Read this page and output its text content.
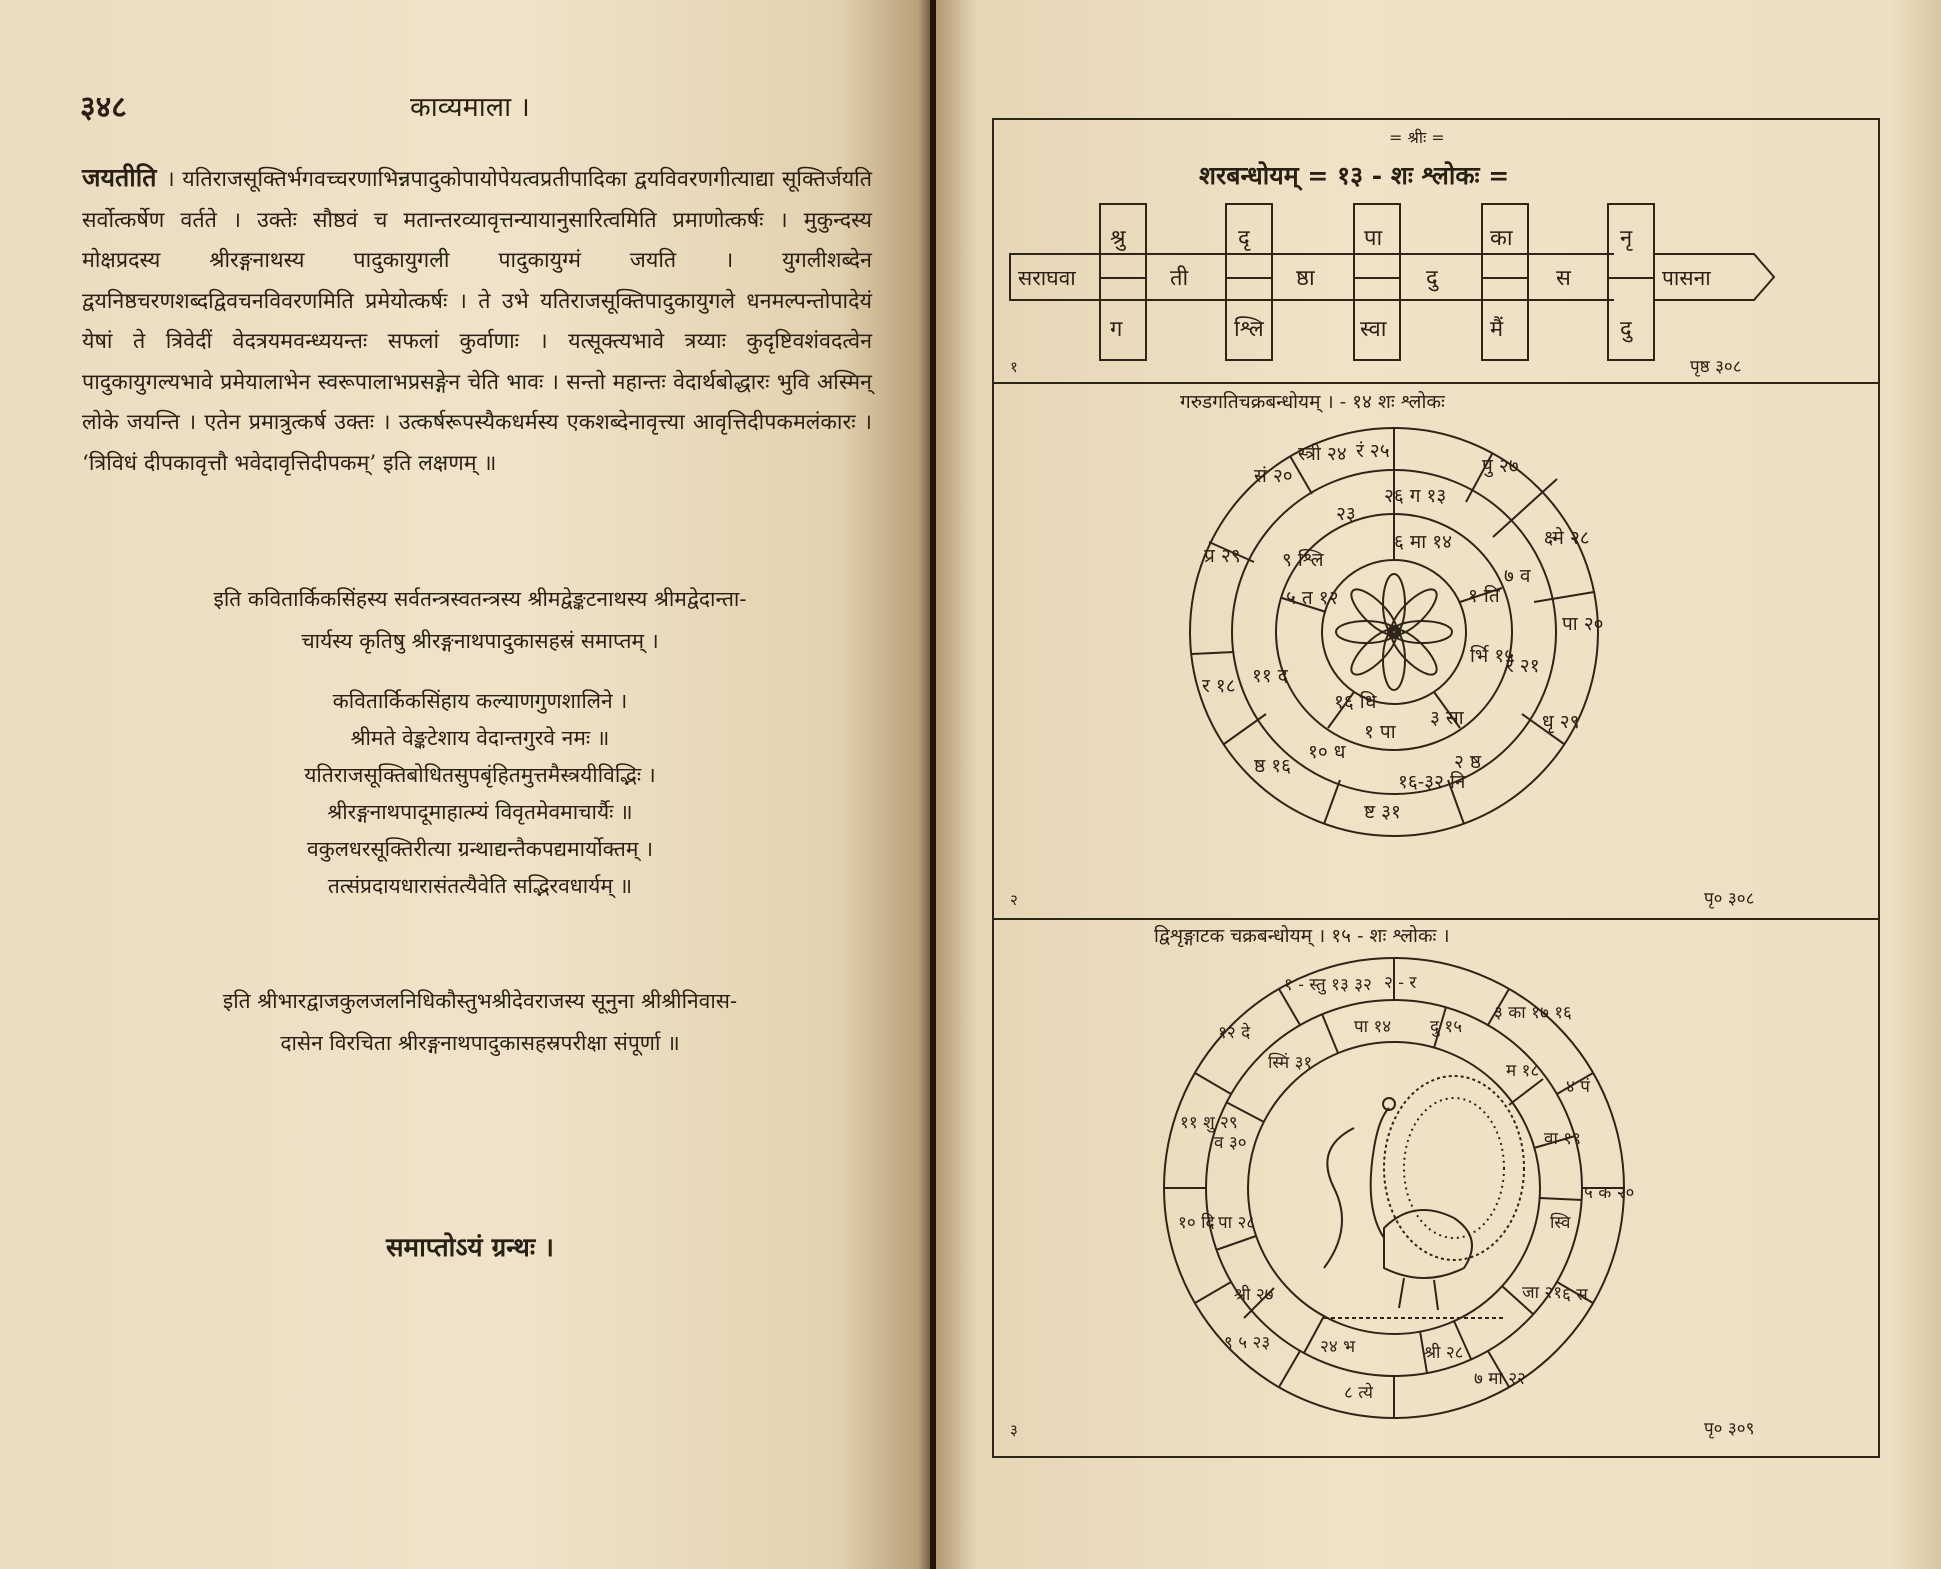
३४८	काव्यमाला ।
जयतीति । यतिराजसूक्तिर्भगवच्चरणाभिन्नपादुकोपायोपेयत्वप्रतीपादिका द्वयविवरणगीत्याद्या सूक्तिर्जयति सर्वोत्कर्षेण वर्तते । उक्तेः सौष्ठवं च मतान्तरव्यावृत्तन्यायानुसारित्वमिति प्रमाणोत्कर्षः । मुकुन्दस्य मोक्षप्रदस्य श्रीरङ्गनाथस्य पादुकायुगली पादुकायुग्मं जयति । युगलीशब्देन द्वयनिष्ठचरणशब्दद्विवचनविवरणमिति प्रमेयोत्कर्षः । ते उभे यतिराजसूक्तिपादुकायुगले धनमल्पन्तोपादेयं येषां ते त्रिवेदीं वेदत्रयमवन्ध्ययन्तः सफलां कुर्वाणाः । यत्सूक्त्यभावे त्रय्याः कुदृष्टिवशंवदत्वेन पादुकायुगल्यभावे प्रमेयालाभेन स्वरूपालाभप्रसङ्गेन चेति भावः । सन्तो महान्तः वेदार्थबोद्धारः भुवि अस्मिन् लोके जयन्ति । एतेन प्रमात्रुत्कर्ष उक्तः । उत्कर्षरूपस्यैकधर्मस्य एकशब्देनावृत्त्या आवृत्तिदीपकमलंकारः । ‘त्रिविधं दीपकावृत्तौ भवेदावृत्तिदीपकम्’ इति लक्षणम् ॥
इति कवितार्किकसिंहस्य सर्वतन्त्रस्वतन्त्रस्य श्रीमद्वेङ्कटनाथस्य श्रीमद्वेदान्ता-
चार्यस्य कृतिषु श्रीरङ्गनाथपादुकासहस्रं समाप्तम् ।
कवितार्किकसिंहाय कल्याणगुणशालिने ।
श्रीमते वेङ्कटेशाय वेदान्तगुरवे नमः ॥
यतिराजसूक्तिबोधितसुपबृंहितमुत्तमैस्त्रयीविद्भिः ।
श्रीरङ्गनाथपादूमाहात्म्यं विवृतमेवमाचार्यैः ॥
वकुलधरसूक्तिरीत्या ग्रन्थाद्यन्तैकपद्यमार्योक्तम् ।
तत्संप्रदायधारासंतत्यैवेति सद्भिरवधार्यम् ॥
इति श्रीभारद्वाजकुलजलनिधिकौस्तुभश्रीदेवराजस्य सूनुना श्रीश्रीनिवास-
दासेन विरचिता श्रीरङ्गनाथपादुकासहस्रपरीक्षा संपूर्णा ॥
समाप्तोऽयं ग्रन्थः ।
= श्रीः =
शरबन्धोयम् = १३ - शः श्लोकः =
सराघवा	पासना
ती	ष्ठा	दु	स
श्रु
ग
दृ
श्लि
पा
स्वा
का
मैं
नृ
दु
१	पृष्ठ ३०८
गरुडगतिचक्रबन्धोयम् । - १४ शः श्लोकः
रं २५
पु २७
क्ष्मे २८
पा २०
धृ २९
ष्ट ३१
ष्ठ १६
र १८
प्र २९
सं २०
स्त्री २४
२६ ग १३
७ व
र २१
२ ष्ठ
१० ध
११ द
९ श्लि
२३
६ मा १४
१ ति
र्भि १५
३ सा
१६ धि
५ त १२
१ पा
१६-३२ नि
२	पृ० ३०८
द्विशृङ्गाटक चक्रबन्धोयम् । १५ - शः श्लोकः ।
१ - स्तु १३ ३२ २ - र
३ का १७ १६
४ पं
५ क २०
६ स
७ मा २२
८ त्ये
९ ५ २३
१० दि
११ शु २९
१२ दे	पा १४ दु १५
म १८
वा १९
स्वि
जा २१
श्री २८
२४ भ
श्री २७
पा २८
व ३०
स्मिं ३१
३	पृ० ३०९
